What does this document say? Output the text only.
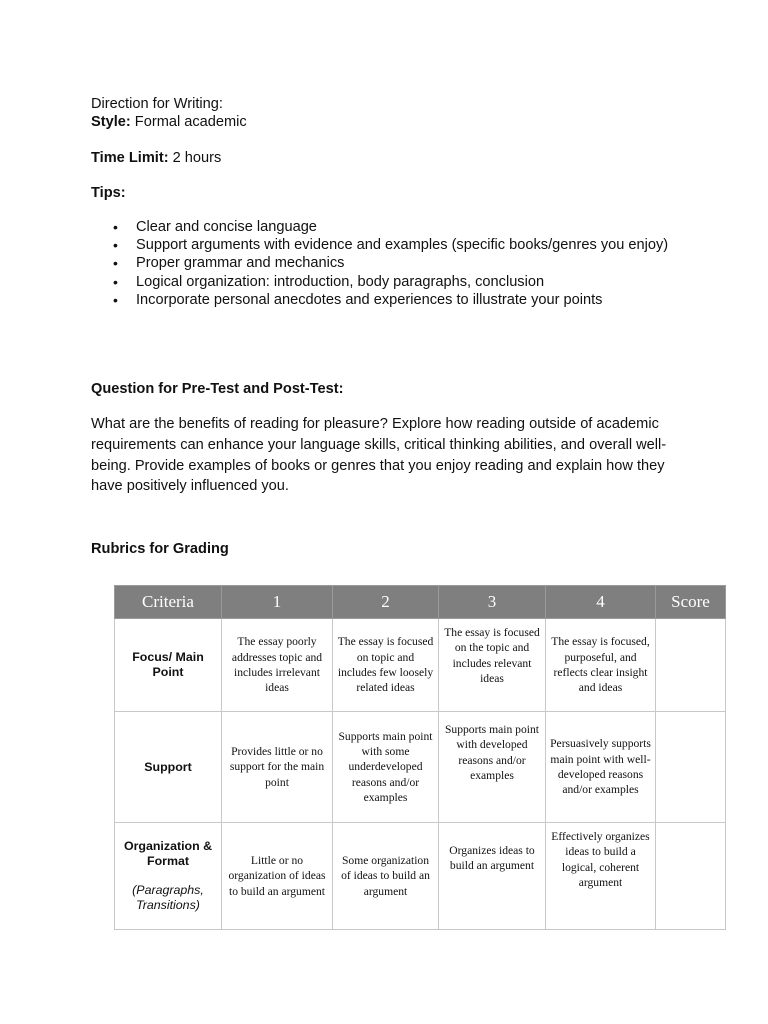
Direction for Writing:
Style: Formal academic
Time Limit: 2 hours
Tips:
• Clear and concise language
• Support arguments with evidence and examples (specific books/genres you enjoy)
• Proper grammar and mechanics
• Logical organization: introduction, body paragraphs, conclusion
• Incorporate personal anecdotes and experiences to illustrate your points
Question for Pre-Test and Post-Test:
What are the benefits of reading for pleasure? Explore how reading outside of academic requirements can enhance your language skills, critical thinking abilities, and overall well-being. Provide examples of books or genres that you enjoy reading and explain how they have positively influenced you.
Rubrics for Grading
Criteria	1	2	3	4	Score
Focus/ Main Point	The essay poorly addresses topic and includes irrelevant ideas	The essay is focused on topic and includes few loosely related ideas	The essay is focused on the topic and includes relevant ideas	The essay is focused, purposeful, and reflects clear insight and ideas	
Support	Provides little or no support for the main point	Supports main point with some underdeveloped reasons and/or examples	Supports main point with developed reasons and/or examples	Persuasively supports main point with well-developed reasons and/or examples	
Organization & Format
(Paragraphs, Transitions)	Little or no organization of ideas to build an argument	Some organization of ideas to build an argument	Organizes ideas to build an argument	Effectively organizes ideas to build a logical, coherent argument	
